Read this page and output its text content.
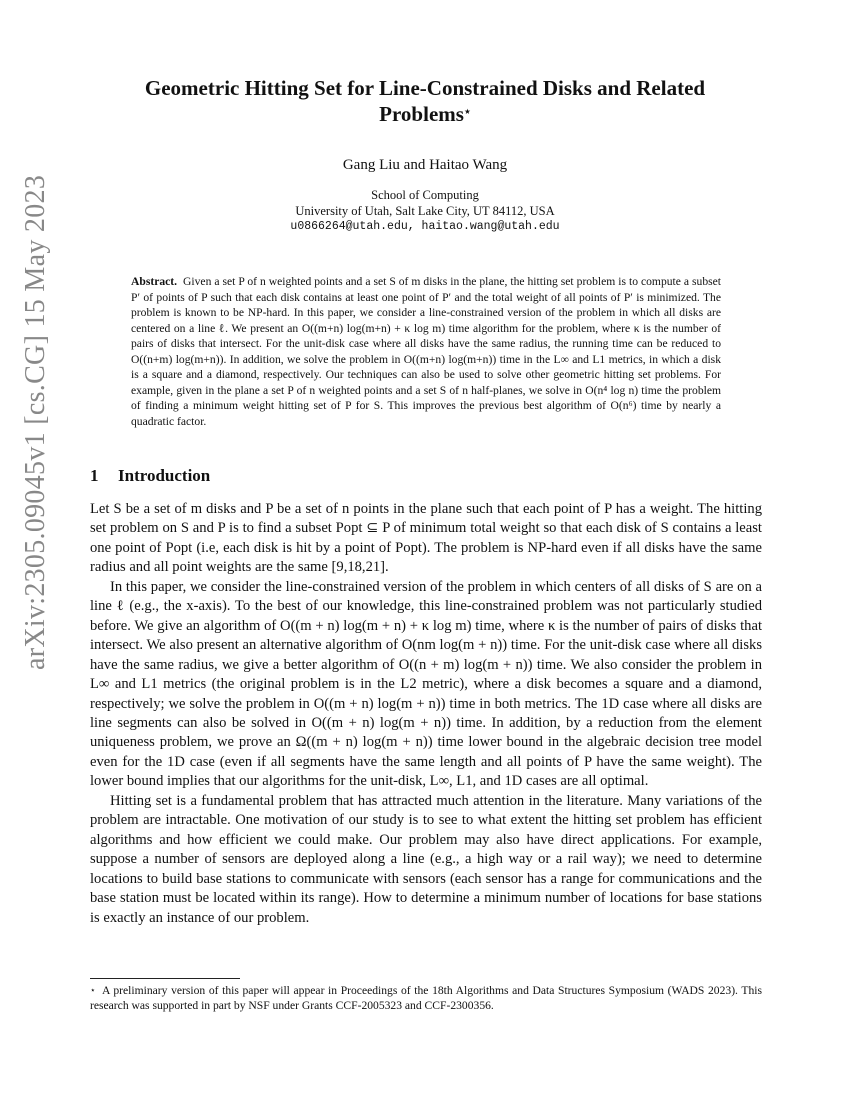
arXiv:2305.09045v1 [cs.CG] 15 May 2023
Geometric Hitting Set for Line-Constrained Disks and Related Problems⋆
Gang Liu and Haitao Wang
School of Computing
University of Utah, Salt Lake City, UT 84112, USA
u0866264@utah.edu, haitao.wang@utah.edu
Abstract. Given a set P of n weighted points and a set S of m disks in the plane, the hitting set problem is to compute a subset P′ of points of P such that each disk contains at least one point of P′ and the total weight of all points of P′ is minimized. The problem is known to be NP-hard. In this paper, we consider a line-constrained version of the problem in which all disks are centered on a line ℓ. We present an O((m+n) log(m+n) + κ log m) time algorithm for the problem, where κ is the number of pairs of disks that intersect. For the unit-disk case where all disks have the same radius, the running time can be reduced to O((n+m) log(m+n)). In addition, we solve the problem in O((m+n) log(m+n)) time in the L∞ and L1 metrics, in which a disk is a square and a diamond, respectively. Our techniques can also be used to solve other geometric hitting set problems. For example, given in the plane a set P of n weighted points and a set S of n half-planes, we solve in O(n⁴ log n) time the problem of finding a minimum weight hitting set of P for S. This improves the previous best algorithm of O(n⁶) time by nearly a quadratic factor.
1 Introduction

Let S be a set of m disks and P be a set of n points in the plane such that each point of P has a weight. The hitting set problem on S and P is to find a subset Popt ⊆ P of minimum total weight so that each disk of S contains a least one point of Popt (i.e, each disk is hit by a point of Popt). The problem is NP-hard even if all disks have the same radius and all point weights are the same [9,18,21].

In this paper, we consider the line-constrained version of the problem in which centers of all disks of S are on a line ℓ (e.g., the x-axis). To the best of our knowledge, this line-constrained problem was not particularly studied before. We give an algorithm of O((m + n) log(m + n) + κ log m) time, where κ is the number of pairs of disks that intersect. We also present an alternative algorithm of O(nm log(m + n)) time. For the unit-disk case where all disks have the same radius, we give a better algorithm of O((n + m) log(m + n)) time. We also consider the problem in L∞ and L1 metrics (the original problem is in the L2 metric), where a disk becomes a square and a diamond, respectively; we solve the problem in O((m + n) log(m + n)) time in both metrics. The 1D case where all disks are line segments can also be solved in O((m + n) log(m + n)) time. In addition, by a reduction from the element uniqueness problem, we prove an Ω((m + n) log(m + n)) time lower bound in the algebraic decision tree model even for the 1D case (even if all segments have the same length and all points of P have the same weight). The lower bound implies that our algorithms for the unit-disk, L∞, L1, and 1D cases are all optimal.

Hitting set is a fundamental problem that has attracted much attention in the literature. Many variations of the problem are intractable. One motivation of our study is to see to what extent the hitting set problem has efficient algorithms and how efficient we could make. Our problem may also have direct applications. For example, suppose a number of sensors are deployed along a line (e.g., a high way or a rail way); we need to determine locations to build base stations to communicate with sensors (each sensor has a range for communications and the base station must be located within its range). How to determine a minimum number of locations for base stations is exactly an instance of our problem.

⋆ A preliminary version of this paper will appear in Proceedings of the 18th Algorithms and Data Structures Symposium (WADS 2023). This research was supported in part by NSF under Grants CCF-2005323 and CCF-2300356.
